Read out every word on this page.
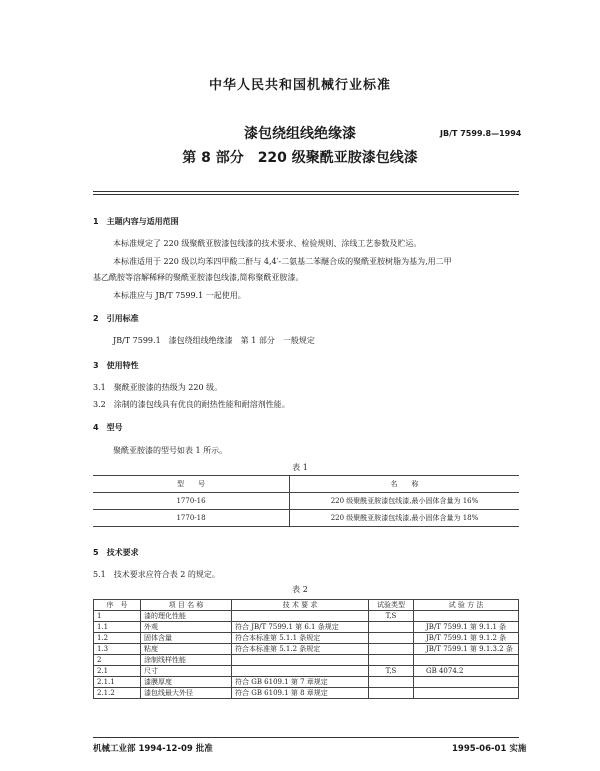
中华人民共和国机械行业标准
漆包绕组线绝缘漆	JB/T 7599.8—1994
第 8 部分　220 级聚酰亚胺漆包线漆
1　主题内容与适用范围
本标准规定了 220 级聚酰亚胺漆包线漆的技术要求、检验规则、涂线工艺参数及贮运。
本标准适用于 220 级以均苯四甲酸二酐与 4,4′-二氨基二苯醚合成的聚酰亚胺树脂为基为,用二甲
基乙酰胺等溶解稀释的聚酰亚胺漆包线漆,简称聚酰亚胺漆。
本标准应与 JB/T 7599.1 一起使用。
2　引用标准
JB/T 7599.1　漆包绕组线绝缘漆　第 1 部分　一般规定
3　使用特性
3.1　聚酰亚胺漆的热级为 220 级。
3.2　涂制的漆包线具有优良的耐热性能和耐溶剂性能。
4　型号
聚酰亚胺漆的型号如表 1 所示。
表 1
型　　号	名　　称
1770-16	220 级聚酰亚胺漆包线漆,最小固体含量为 16%
1770-18	220 级聚酰亚胺漆包线漆,最小固体含量为 18%
5　技术要求
5.1　技术要求应符合表 2 的规定。
表 2
序　号	项 目 名 称	技 术 要 求	试验类型	试 验 方 法
1	漆的理化性能		T,S	
1.1	外观	符合 JB/T 7599.1 第 6.1 条规定		JB/T 7599.1 第 9.1.1 条
1.2	固体含量	符合本标准第 5.1.1 条规定		JB/T 7599.1 第 9.1.2 条
1.3	粘度	符合本标准第 5.1.2 条规定		JB/T 7599.1 第 9.1.3.2 条
2	涂制线样性能			
2.1	尺寸		T,S	GB 4074.2
2.1.1	漆膜厚度	符合 GB 6109.1 第 7 章规定		
2.1.2	漆包线最大外径	符合 GB 6109.1 第 8 章规定		
机械工业部 1994-12-09 批准	1995-06-01 实施
